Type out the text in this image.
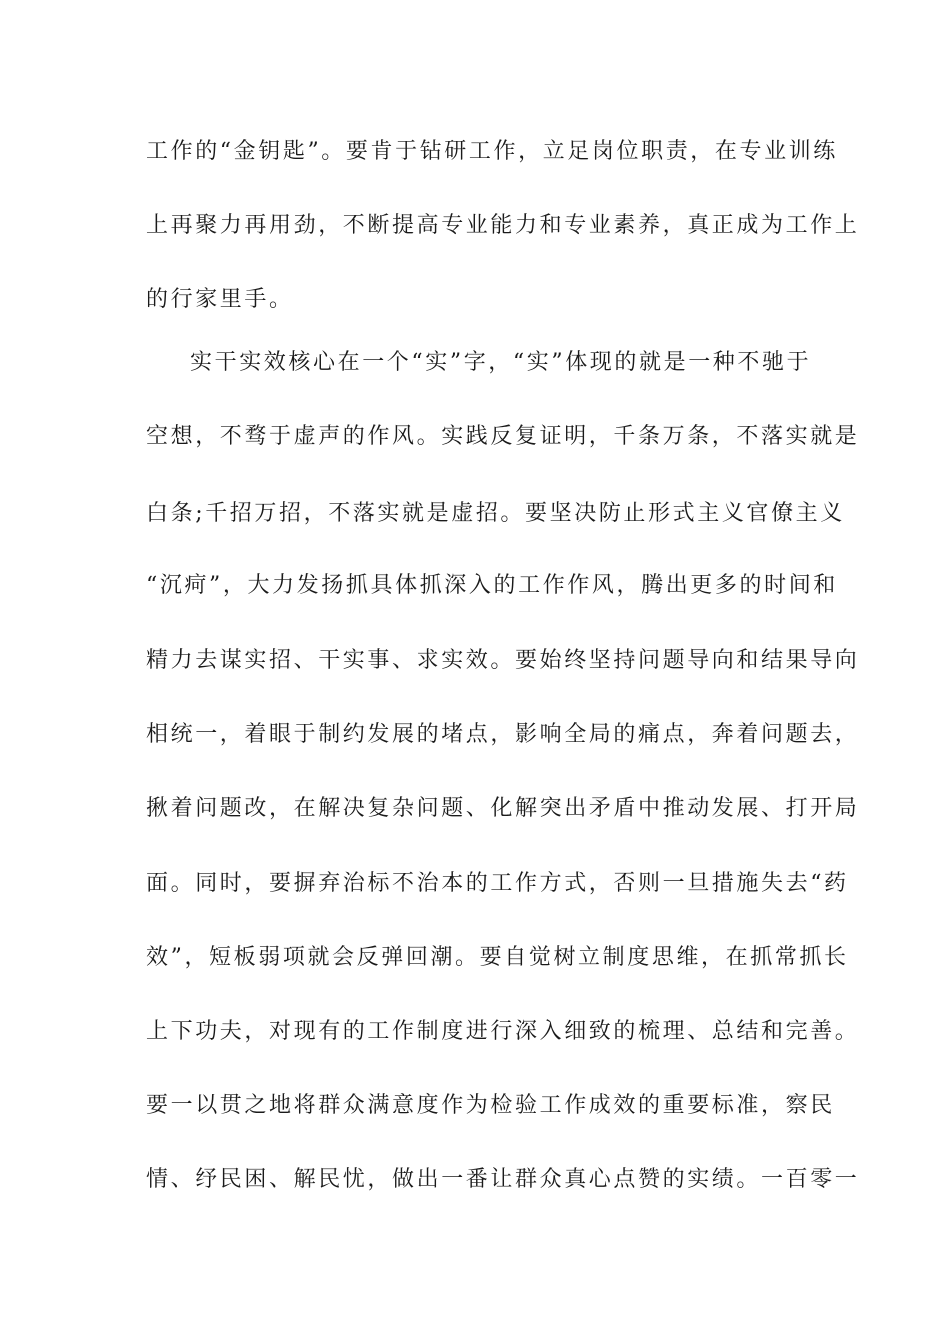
工作的“金钥匙”。要肯于钻研工作，立足岗位职责，在专业训练
上再聚力再用劲，不断提高专业能力和专业素养，真正成为工作上
的行家里手。
实干实效核心在一个“实”字，“实”体现的就是一种不驰于
空想，不骛于虚声的作风。实践反复证明，千条万条，不落实就是
白条;千招万招，不落实就是虚招。要坚决防止形式主义官僚主义
“沉疴”，大力发扬抓具体抓深入的工作作风，腾出更多的时间和
精力去谋实招、干实事、求实效。要始终坚持问题导向和结果导向
相统一，着眼于制约发展的堵点，影响全局的痛点，奔着问题去，
揪着问题改，在解决复杂问题、化解突出矛盾中推动发展、打开局
面。同时，要摒弃治标不治本的工作方式，否则一旦措施失去“药
效”，短板弱项就会反弹回潮。要自觉树立制度思维，在抓常抓长
上下功夫，对现有的工作制度进行深入细致的梳理、总结和完善。
要一以贯之地将群众满意度作为检验工作成效的重要标准，察民
情、纾民困、解民忧，做出一番让群众真心点赞的实绩。一百零一
